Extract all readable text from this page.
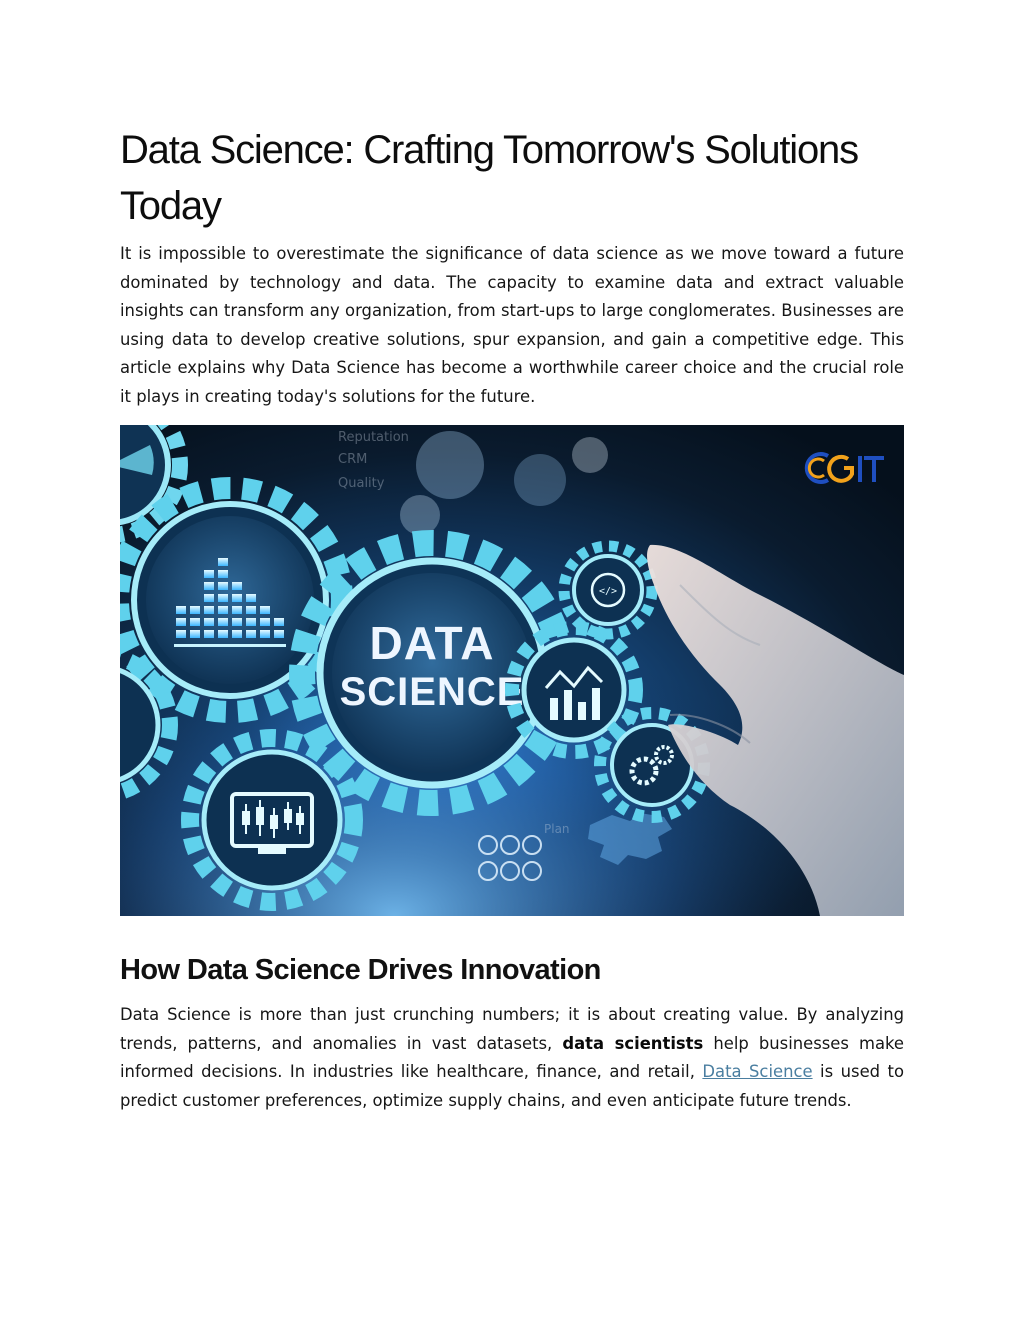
Data Science: Crafting Tomorrow's Solutions Today

It is impossible to overestimate the significance of data science as we move toward a future dominated by technology and data. The capacity to examine data and extract valuable insights can transform any organization, from start-ups to large conglomerates. Businesses are using data to develop creative solutions, spur expansion, and gain a competitive edge. This article explains why Data Science has become a worthwhile career choice and the crucial role it plays in creating today's solutions for the future.

Reputation
CRM
Quality
Plan
DATA
SCIENCE
</>
How Data Science Drives Innovation

Data Science is more than just crunching numbers; it is about creating value. By analyzing trends, patterns, and anomalies in vast datasets, data scientists help businesses make informed decisions. In industries like healthcare, finance, and retail, Data Science is used to predict customer preferences, optimize supply chains, and even anticipate future trends.
